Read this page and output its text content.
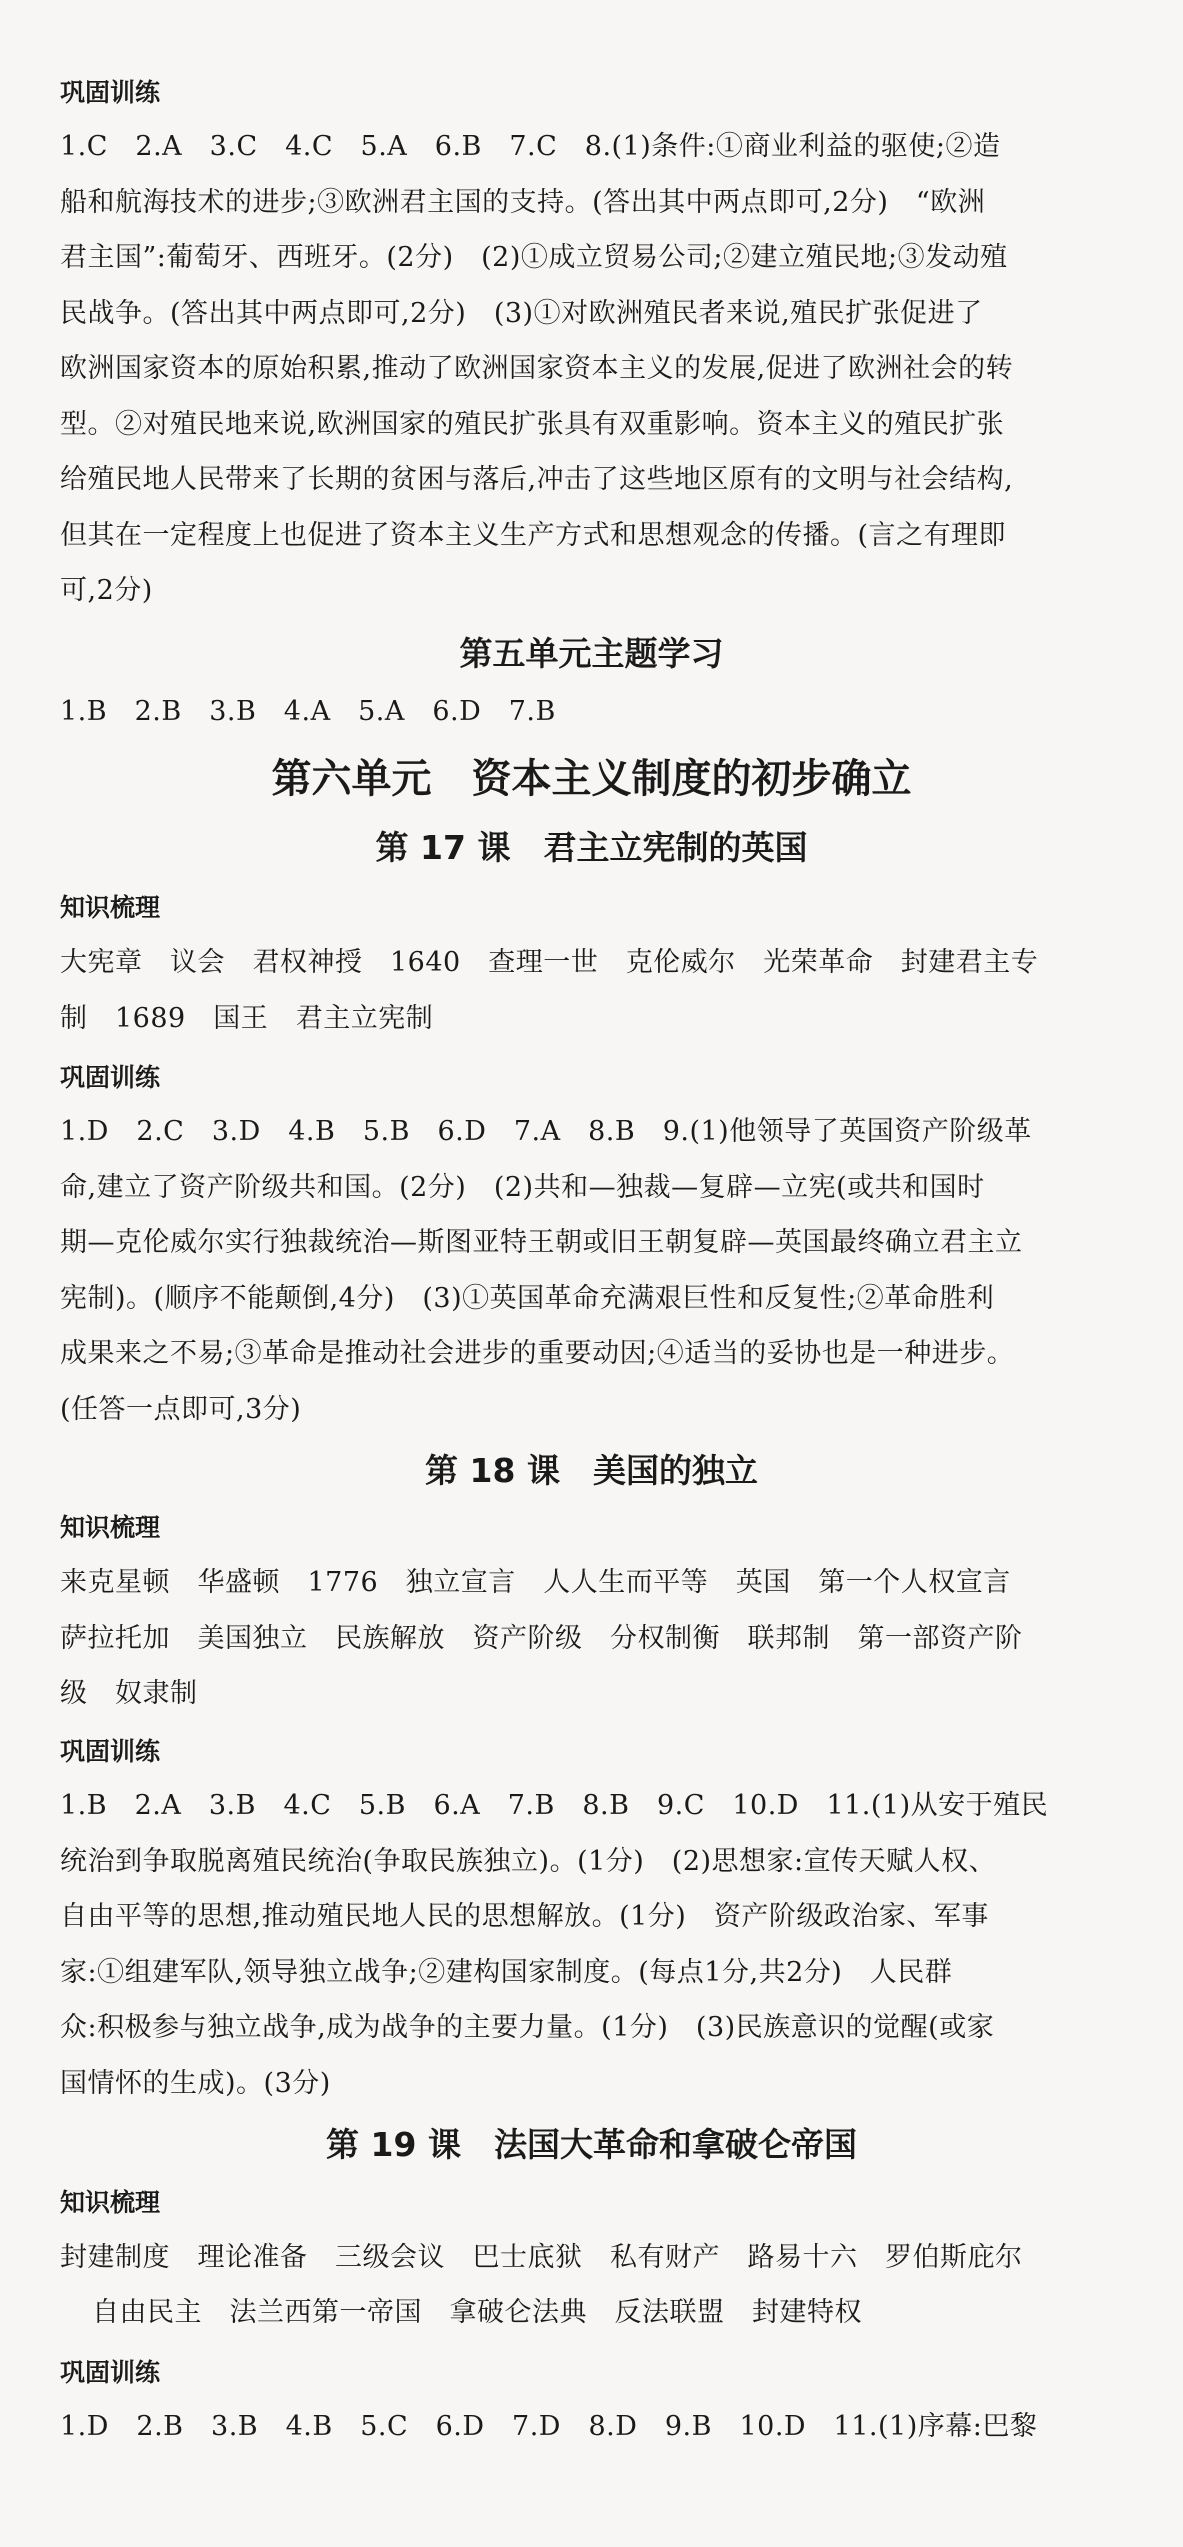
巩固训练
1.C　2.A　3.C　4.C　5.A　6.B　7.C　8.(1)条件:①商业利益的驱使;②造
船和航海技术的进步;③欧洲君主国的支持。(答出其中两点即可,2分)　“欧洲
君主国”:葡萄牙、西班牙。(2分)　(2)①成立贸易公司;②建立殖民地;③发动殖
民战争。(答出其中两点即可,2分)　(3)①对欧洲殖民者来说,殖民扩张促进了
欧洲国家资本的原始积累,推动了欧洲国家资本主义的发展,促进了欧洲社会的转
型。②对殖民地来说,欧洲国家的殖民扩张具有双重影响。资本主义的殖民扩张
给殖民地人民带来了长期的贫困与落后,冲击了这些地区原有的文明与社会结构,
但其在一定程度上也促进了资本主义生产方式和思想观念的传播。(言之有理即
可,2分)
第五单元主题学习
1.B　2.B　3.B　4.A　5.A　6.D　7.B
第六单元　资本主义制度的初步确立
第 17 课　君主立宪制的英国
知识梳理
大宪章　议会　君权神授　1640　查理一世　克伦威尔　光荣革命　封建君主专
制　1689　国王　君主立宪制
巩固训练
1.D　2.C　3.D　4.B　5.B　6.D　7.A　8.B　9.(1)他领导了英国资产阶级革
命,建立了资产阶级共和国。(2分)　(2)共和—独裁—复辟—立宪(或共和国时
期—克伦威尔实行独裁统治—斯图亚特王朝或旧王朝复辟—英国最终确立君主立
宪制)。(顺序不能颠倒,4分)　(3)①英国革命充满艰巨性和反复性;②革命胜利
成果来之不易;③革命是推动社会进步的重要动因;④适当的妥协也是一种进步。
(任答一点即可,3分)
第 18 课　美国的独立
知识梳理
来克星顿　华盛顿　1776　独立宣言　人人生而平等　英国　第一个人权宣言
萨拉托加　美国独立　民族解放　资产阶级　分权制衡　联邦制　第一部资产阶
级　奴隶制
巩固训练
1.B　2.A　3.B　4.C　5.B　6.A　7.B　8.B　9.C　10.D　11.(1)从安于殖民
统治到争取脱离殖民统治(争取民族独立)。(1分)　(2)思想家:宣传天赋人权、
自由平等的思想,推动殖民地人民的思想解放。(1分)　资产阶级政治家、军事
家:①组建军队,领导独立战争;②建构国家制度。(每点1分,共2分)　人民群
众:积极参与独立战争,成为战争的主要力量。(1分)　(3)民族意识的觉醒(或家
国情怀的生成)。(3分)
第 19 课　法国大革命和拿破仑帝国
知识梳理
封建制度　理论准备　三级会议　巴士底狱　私有财产　路易十六　罗伯斯庇尔
自由民主　法兰西第一帝国　拿破仑法典　反法联盟　封建特权
巩固训练
1.D　2.B　3.B　4.B　5.C　6.D　7.D　8.D　9.B　10.D　11.(1)序幕:巴黎
